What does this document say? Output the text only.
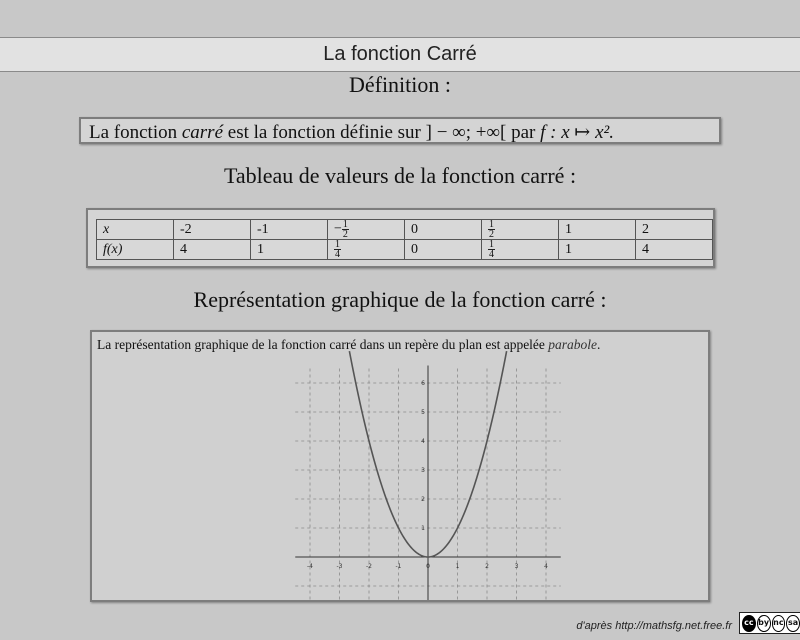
La fonction Carré
Définition :
La fonction carré est la fonction définie sur ] − ∞; +∞[ par f : x ↦ x².
Tableau de valeurs de la fonction carré :
x	-2	-1	− $\frac{1}{2}$	0	$\frac{1}{2}$	1	2
f(x)	4	1	$\frac{1}{4}$	0	$\frac{1}{4}$	1	4
Représentation graphique de la fonction carré :
La représentation graphique de la fonction carré dans un repère du plan est appelée parabole.
-4	-3	-2	-1	0	1	2	3	4
1
2
3
4
5
6
d'après http://mathsfg.net.free.fr cc by nc sa
